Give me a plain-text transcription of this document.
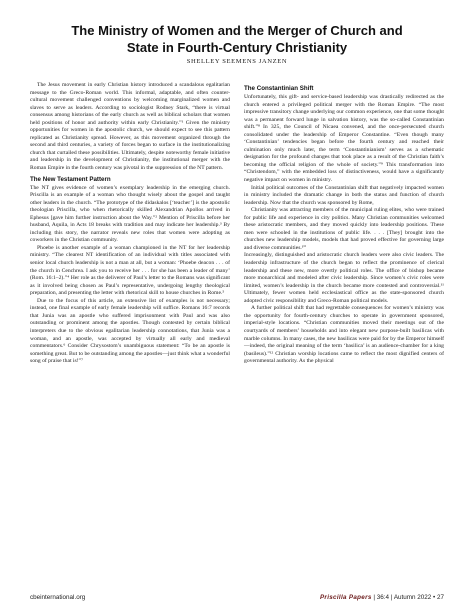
The Ministry of Women and the Merger of Church and
State in Fourth-Century Christianity
SHELLEY SEEMENS JANZEN

The Jesus movement in early Christian history introduced a scandalous egalitarian message to the Greco-Roman world. This informal, adaptable, and often counter-cultural movement challenged conventions by welcoming marginalized women and slaves to serve as leaders. According to sociologist Rodney Stark, “there is virtual consensus among historians of the early church as well as biblical scholars that women held positions of honor and authority within early Christianity.”¹ Given the ministry opportunities for women in the apostolic church, we should expect to see this pattern replicated as Christianity spread. However, as this movement organized through the second and third centuries, a variety of forces began to surface in the institutionalizing church that curtailed these possibilities. Ultimately, despite noteworthy female initiative and leadership in the development of Christianity, the institutional merger with the Roman Empire in the fourth century was pivotal in the suppression of the NT pattern.

The New Testament Pattern

The NT gives evidence of women’s exemplary leadership in the emerging church. Priscilla is an example of a woman who thought wisely about the gospel and taught other leaders in the church. “The prototype of the didaskalos [‘teacher’] is the apostolic theologian Priscilla, who when rhetorically skilled Alexandrian Apollos arrived in Ephesus [gave him further instruction about the Way.”² Mention of Priscilla before her husband, Aquila, in Acts 18 breaks with tradition and may indicate her leadership.³ By including this story, the narrator reveals new roles that women were adopting as coworkers in the Christian community.

Phoebe is another example of a woman championed in the NT for her leadership ministry. “The clearest NT identification of an individual with titles associated with senior local church leadership is not a man at all, but a woman: ‘Phoebe deacon . . . of the church in Cenchrea. I ask you to receive her . . . for she has been a leader of many’ (Rom. 16:1–2).”⁴ Her role as the deliverer of Paul’s letter to the Romans was significant as it involved being chosen as Paul’s representative, undergoing lengthy theological preparation, and presenting the letter with rhetorical skill to house churches in Rome.⁵

Due to the focus of this article, an extensive list of examples is not necessary; instead, one final example of early female leadership will suffice. Romans 16:7 records that Junia was an apostle who suffered imprisonment with Paul and was also outstanding or prominent among the apostles. Though contested by certain biblical interpreters due to the obvious egalitarian leadership connotations, that Junia was a woman, and an apostle, was accepted by virtually all early and medieval commentators.⁶ Consider Chrysostom’s unambiguous statement: “To be an apostle is something great. But to be outstanding among the apostles—just think what a wonderful song of praise that is!”⁷

The Constantinian Shift

Unfortunately, this gift- and service-based leadership was drastically redirected as the church entered a privileged political merger with the Roman Empire. “The most impressive transitory change underlying our common experience, one that some thought was a permanent forward lunge in salvation history, was the so-called Constantinian shift.”⁸ In 325, the Council of Nicaea convened, and the once-persecuted church consolidated under the leadership of Emperor Constantine. “Even though many ‘Constantinian’ tendencies began before the fourth century and reached their culmination only much later, the term ‘Constantinianism’ serves as a schematic designation for the profound changes that took place as a result of the Christian faith’s becoming the official religion of the whole of society.”⁹ This transformation into “Christendom,” with the embedded loss of distinctiveness, would have a significantly negative impact on women in ministry.

Initial political outcomes of the Constantinian shift that negatively impacted women in ministry included the dramatic change in both the status and function of church leadership. Now that the church was sponsored by Rome,

Christianity was attracting members of the municipal ruling elites, who were trained for public life and experience in city politics. Many Christian communities welcomed these aristocratic members, and they moved quickly into leadership positions. These men were schooled in the institutions of public life. . . . [They] brought into the churches new leadership models, models that had proved effective for governing large and diverse communities.¹⁰

Increasingly, distinguished and aristocratic church leaders were also civic leaders. The leadership infrastructure of the church began to reflect the prominence of clerical leadership and these new, more overtly political roles. The office of bishop became more monarchical and modeled after civic leadership. Since women’s civic roles were limited, women’s leadership in the church became more contested and controversial.¹¹ Ultimately, fewer women held ecclesiastical office as the state-sponsored church adopted civic responsibility and Greco-Roman political models.

A further political shift that had regrettable consequences for women’s ministry was the opportunity for fourth-century churches to operate in government sponsored, imperial-style locations. “Christian communities moved their meetings out of the courtyards of members’ households and into elegant new purpose-built basilicas with marble columns. In many cases, the new basilicas were paid for by the Emperor himself—indeed, the original meaning of the term ‘basilica’ is an audience-chamber for a king (basileus).”¹² Christian worship locations came to reflect the most dignified centers of governmental authority. As the physical

cbeinternational.org	Priscilla Papers | 36:4 | Autumn 2022 • 27
